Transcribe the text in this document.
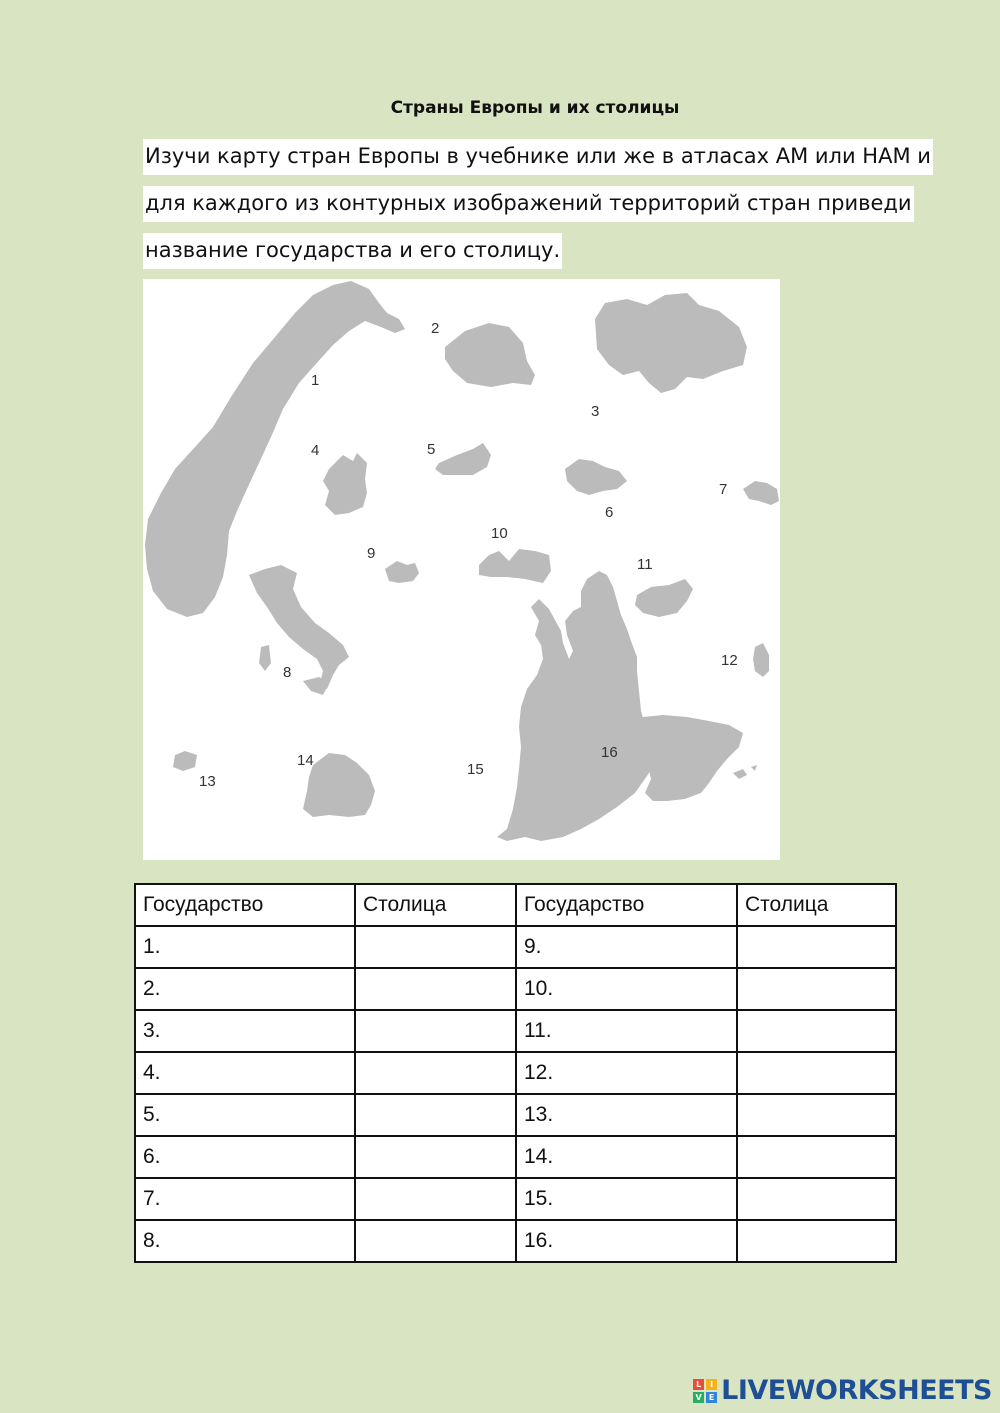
Страны Европы и их столицы
Изучи карту стран Европы в учебнике или же в атласах АМ или НАМ и
для каждого из контурных изображений территорий стран приведи
название государства и его столицу.
1
2
3
4	5
6
7
8
9
10
11
12
13
14
15
16
Государство	Столица	Государство	Столица
1.		9.	
2.		10.	
3.		11.	
4.		12.	
5.		13.	
6.		14.	
7.		15.	
8.		16.	
L	I
V E LIVEWORKSHEETS
